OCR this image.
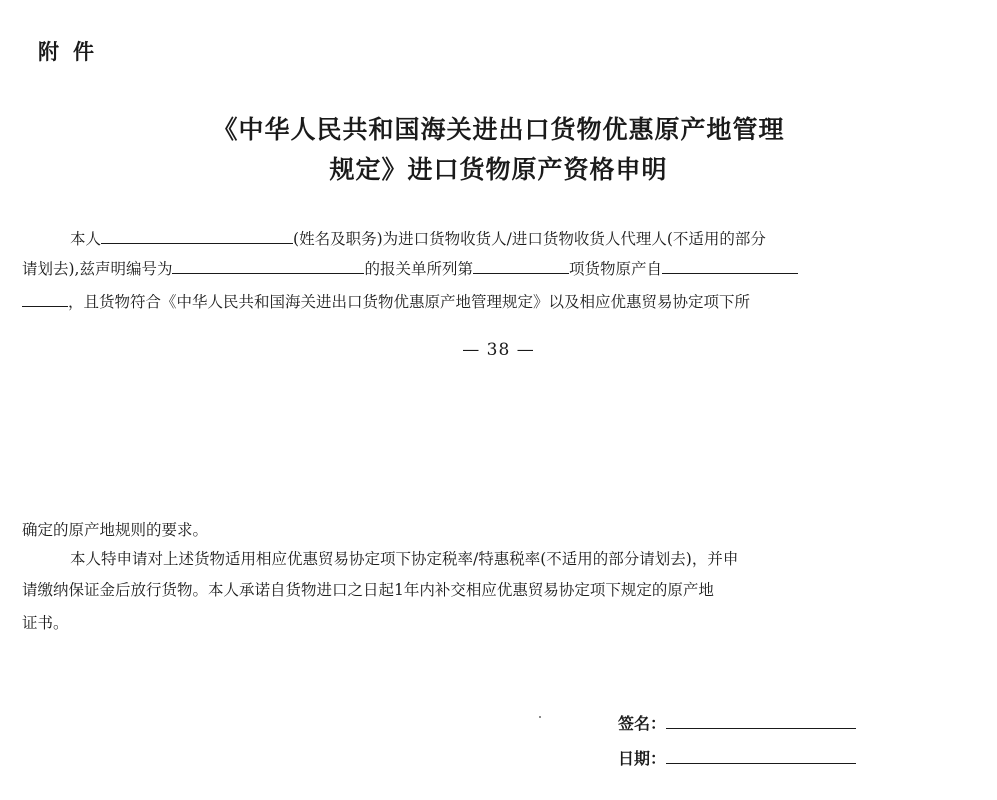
附件
《中华人民共和国海关进出口货物优惠原产地管理
规定》进口货物原产资格申明
本人	(姓名及职务)为进口货物收货人/进口货物收货人代理人(不适用的部分
请划去),兹声明编号为	的报关单所列第	项货物原产自
，且货物符合《中华人民共和国海关进出口货物优惠原产地管理规定》以及相应优惠贸易协定项下所
— 38 —
确定的原产地规则的要求。
本人特申请对上述货物适用相应优惠贸易协定项下协定税率/特惠税率(不适用的部分请划去)，并申
请缴纳保证金后放行货物。本人承诺自货物进口之日起1年内补交相应优惠贸易协定项下规定的原产地
证书。
签名：
日期：
